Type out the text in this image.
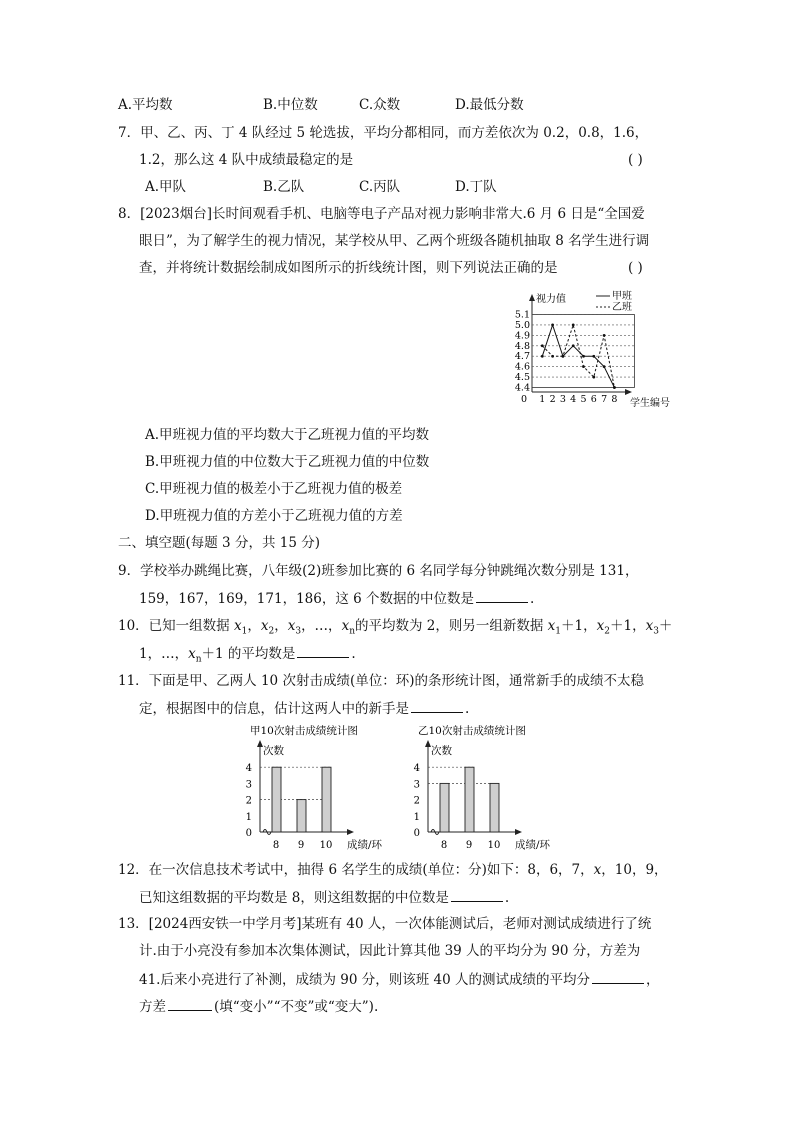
A.平均数	B.中位数	C.众数	D.最低分数
7．甲、乙、丙、丁 4 队经过 5 轮选拔，平均分都相同，而方差依次为 0.2，0.8，1.6，
1.2，那么这 4 队中成绩最稳定的是	( )
A.甲队	B.乙队	C.丙队	D.丁队
8．[2023烟台]长时间观看手机、电脑等电子产品对视力影响非常大.6 月 6 日是“全国爱
眼日”，为了解学生的视力情况，某学校从甲、乙两个班级各随机抽取 8 名学生进行调
查，并将统计数据绘制成如图所示的折线统计图，则下列说法正确的是	( )
4.4
4.5
4.6
4.7
4.8
4.9
5.0
5.1
0 1 2 3 4 5 6 7 8
视力值
学生编号
甲班
乙班
A.甲班视力值的平均数大于乙班视力值的平均数
B.甲班视力值的中位数大于乙班视力值的中位数
C.甲班视力值的极差小于乙班视力值的极差
D.甲班视力值的方差小于乙班视力值的方差
二、填空题(每题 3 分，共 15 分)
9．学校举办跳绳比赛，八年级(2)班参加比赛的 6 名同学每分钟跳绳次数分别是 131，
159，167，169，171，186，这 6 个数据的中位数是	.
10．已知一组数据 $x_1$，$x_2$，$x_3$，…，$x_n$的平均数为 2，则另一组新数据 $x_1+1$，$x_2+1$，$x_3+$
1，…，$x_n+1$ 的平均数是	.
11．下面是甲、乙两人 10 次射击成绩(单位：环)的条形统计图，通常新手的成绩不太稳
定，根据图中的信息，估计这两人中的新手是	.
甲10次射击成绩统计图
次数
成绩/环
0
1
2
3
4
8 9 10
乙10次射击成绩统计图
次数
成绩/环
0
1
2
3
4
8 9 10
12．在一次信息技术考试中，抽得 6 名学生的成绩(单位：分)如下：8，6，7，x，10，9，
已知这组数据的平均数是 8，则这组数据的中位数是	.
13．[2024西安铁一中学月考]某班有 40 人，一次体能测试后，老师对测试成绩进行了统
计.由于小亮没有参加本次集体测试，因此计算其他 39 人的平均分为 90 分，方差为
41.后来小亮进行了补测，成绩为 90 分，则该班 40 人的测试成绩的平均分	，
方差	(填“变小”“不变”或“变大”).
